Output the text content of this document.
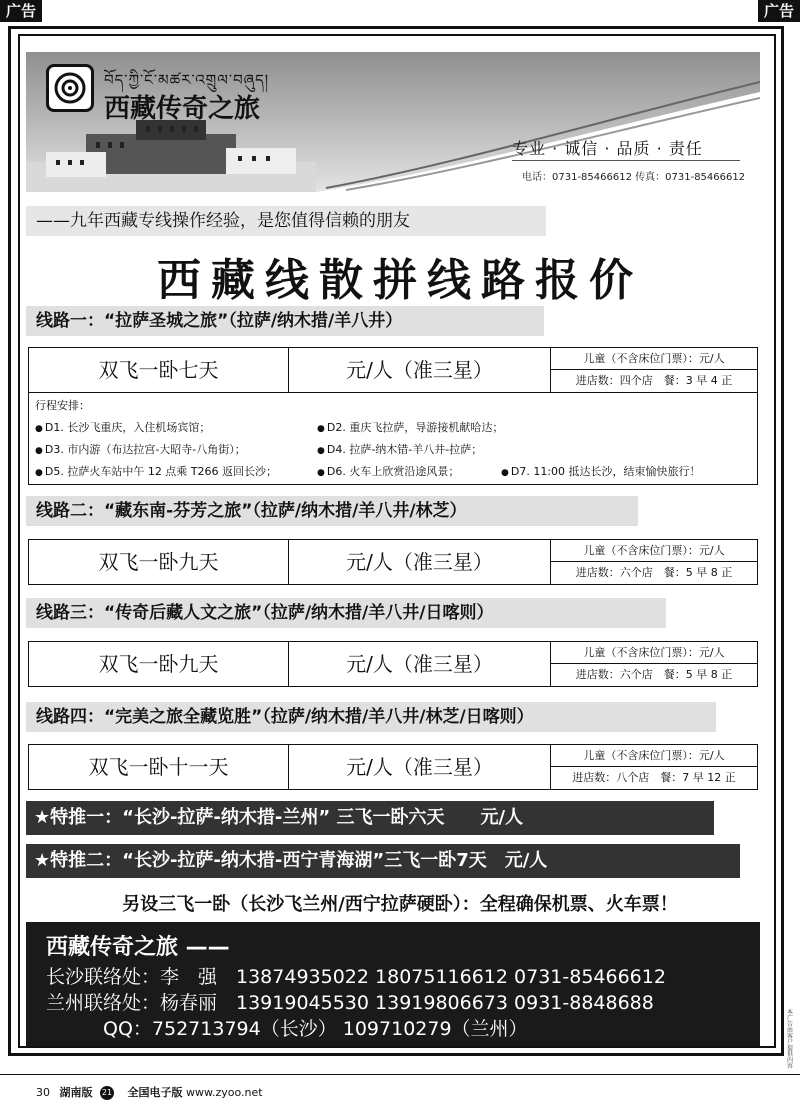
广告	广告
བོད་ཀྱི་ངོ་མཚར་འགྲུལ་བཞུད།
西藏传奇之旅
专业 · 诚信 · 品质 · 责任
电话：0731-85466612 传真：0731-85466612
——九年西藏专线操作经验，是您值得信赖的朋友
西藏线散拼线路报价
线路一：“拉萨圣城之旅”（拉萨/纳木措/羊八井）
双飞一卧七天	元/人（准三星）	儿童（不含床位门票）：元/人
进店数：四个店　餐：3 早 4 正
行程安排：
● D1. 长沙飞重庆，入住机场宾馆；	● D2. 重庆飞拉萨，导游接机献哈达；
● D3. 市内游（布达拉宫-大昭寺-八角街）；	● D4. 拉萨-纳木错-羊八井-拉萨；
● D5. 拉萨火车站中午 12 点乘 T266 返回长沙；	● D6. 火车上欣赏沿途风景；	● D7. 11:00 抵达长沙，结束愉快旅行！
线路二：“藏东南-芬芳之旅”（拉萨/纳木措/羊八井/林芝）
双飞一卧九天	元/人（准三星）	儿童（不含床位门票）：元/人
进店数：六个店　餐：5 早 8 正
线路三：“传奇后藏人文之旅”（拉萨/纳木措/羊八井/日喀则）
双飞一卧九天	元/人（准三星）	儿童（不含床位门票）：元/人
进店数：六个店　餐：5 早 8 正
线路四：“完美之旅全藏览胜”（拉萨/纳木措/羊八井/林芝/日喀则）
双飞一卧十一天	元/人（准三星）	儿童（不含床位门票）：元/人
进店数：八个店　餐：7 早 12 正
★特推一：“长沙-拉萨-纳木措-兰州” 三飞一卧六天　　元/人
★特推二：“长沙-拉萨-纳木措-西宁青海湖”三飞一卧7天　元/人
另设三飞一卧（长沙飞兰州/西宁拉萨硬卧）：全程确保机票、火车票！
西藏传奇之旅 ——
长沙联络处：李　强　13874935022 18075116612 0731-85466612
兰州联络处：杨春丽　13919045530 13919806673 0931-8848688
　　　QQ：752713794（长沙） 109710279（兰州）
本广告由客户提供内容
30 湖南版 21 全国电子版 www.zyoo.net
